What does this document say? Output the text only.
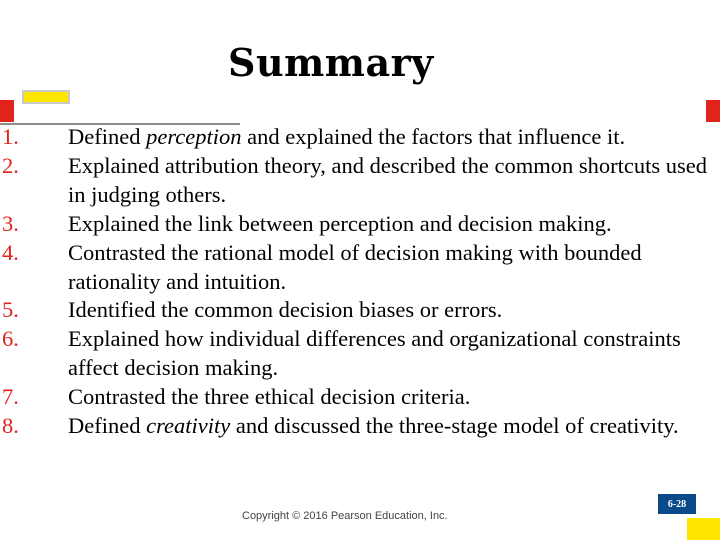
Summary
1.	Defined perception and explained the factors that influence it.
2.	Explained attribution theory, and described the common shortcuts used in judging others.
3.	Explained the link between perception and decision making.
4.	Contrasted the rational model of decision making with bounded rationality and intuition.
5.	Identified the common decision biases or errors.
6.	Explained how individual differences and organizational constraints affect decision making.
7.	Contrasted the three ethical decision criteria.
8.	Defined creativity and discussed the three-stage model of creativity.
6-28
Copyright © 2016 Pearson Education, Inc.
